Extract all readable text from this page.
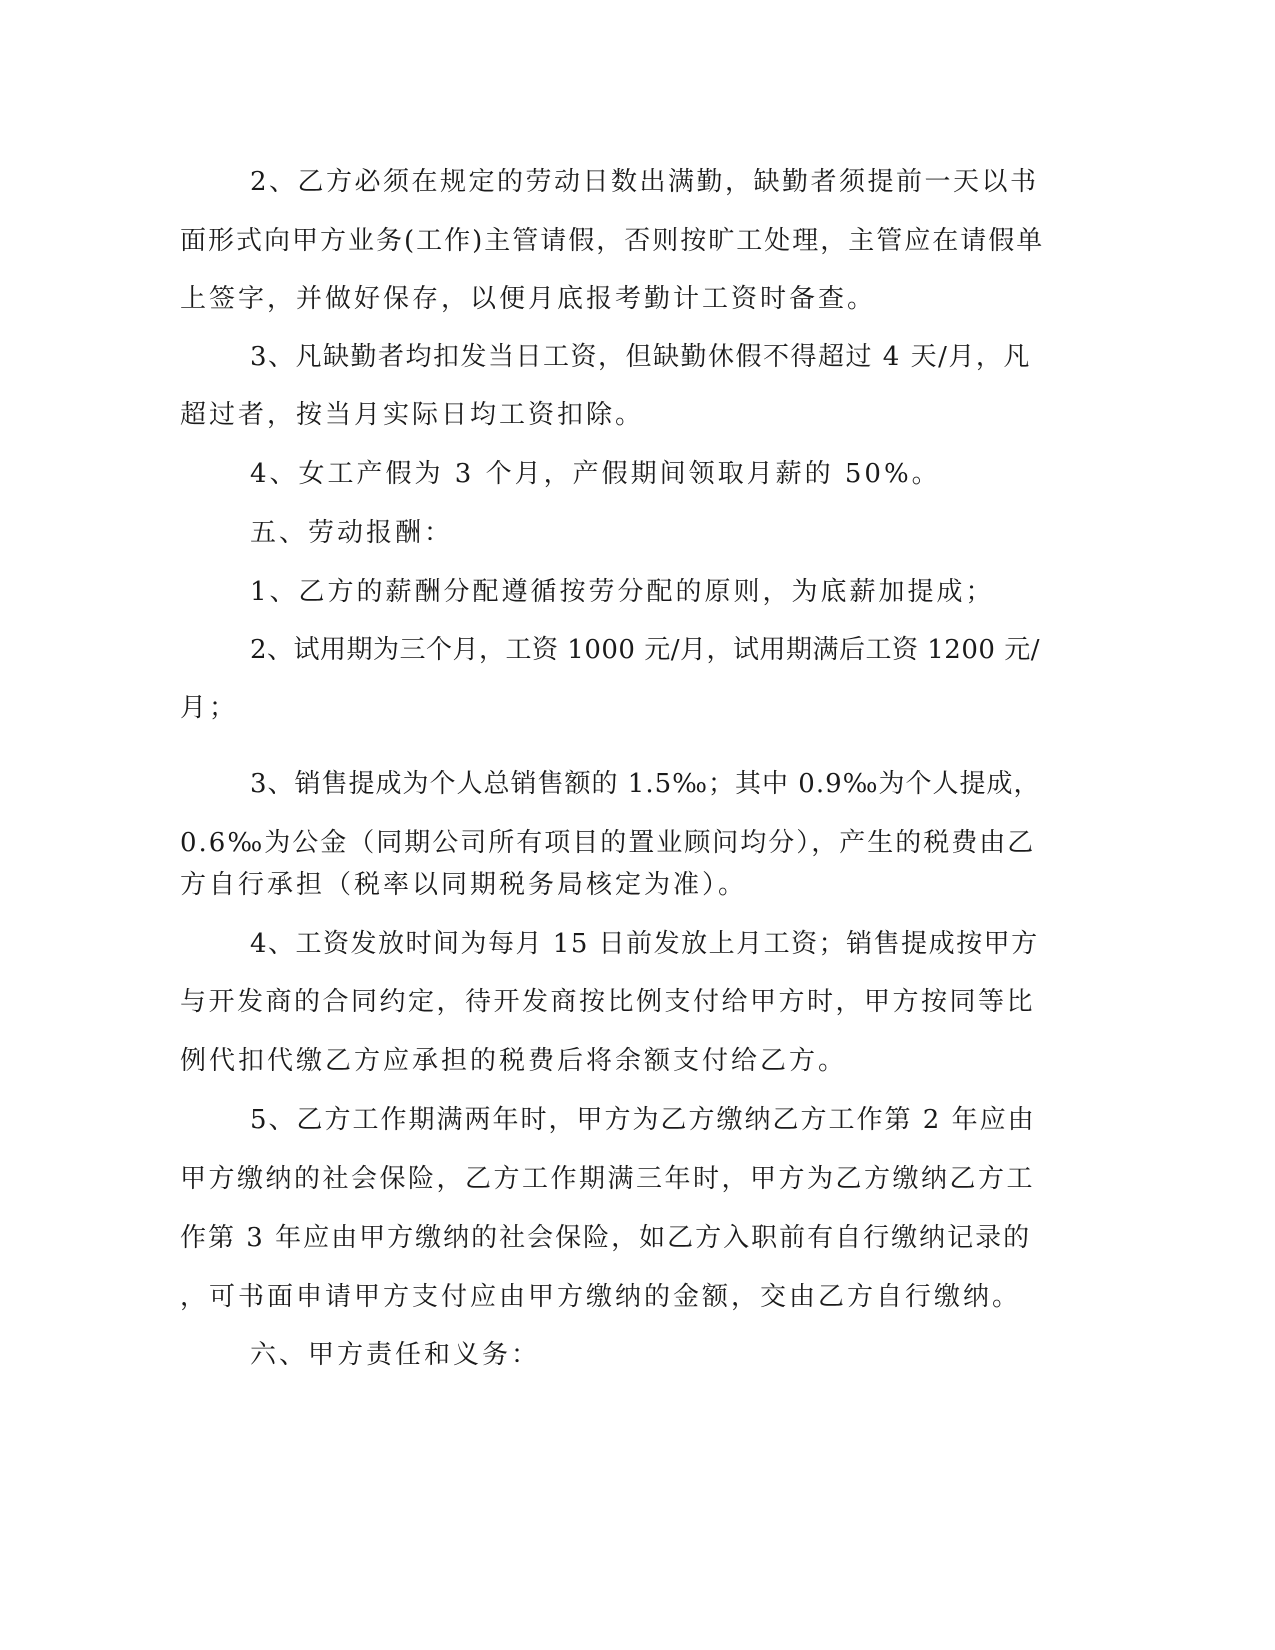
2、乙方必须在规定的劳动日数出满勤，缺勤者须提前一天以书
面形式向甲方业务(工作)主管请假，否则按旷工处理，主管应在请假单
上签字，并做好保存，以便月底报考勤计工资时备查。
3、凡缺勤者均扣发当日工资，但缺勤休假不得超过 4 天/月，凡
超过者，按当月实际日均工资扣除。
4、女工产假为 3 个月，产假期间领取月薪的 50%。
五、劳动报酬：
1、乙方的薪酬分配遵循按劳分配的原则，为底薪加提成；
2、试用期为三个月，工资 1000 元/月，试用期满后工资 1200 元/
月；
3、销售提成为个人总销售额的 1.5‰；其中 0.9‰为个人提成，
0.6‰为公金（同期公司所有项目的置业顾问均分），产生的税费由乙
方自行承担（税率以同期税务局核定为准）。
4、工资发放时间为每月 15 日前发放上月工资；销售提成按甲方
与开发商的合同约定，待开发商按比例支付给甲方时，甲方按同等比
例代扣代缴乙方应承担的税费后将余额支付给乙方。
5、乙方工作期满两年时，甲方为乙方缴纳乙方工作第 2 年应由
甲方缴纳的社会保险，乙方工作期满三年时，甲方为乙方缴纳乙方工
作第 3 年应由甲方缴纳的社会保险，如乙方入职前有自行缴纳记录的
，可书面申请甲方支付应由甲方缴纳的金额，交由乙方自行缴纳。
六、甲方责任和义务：
